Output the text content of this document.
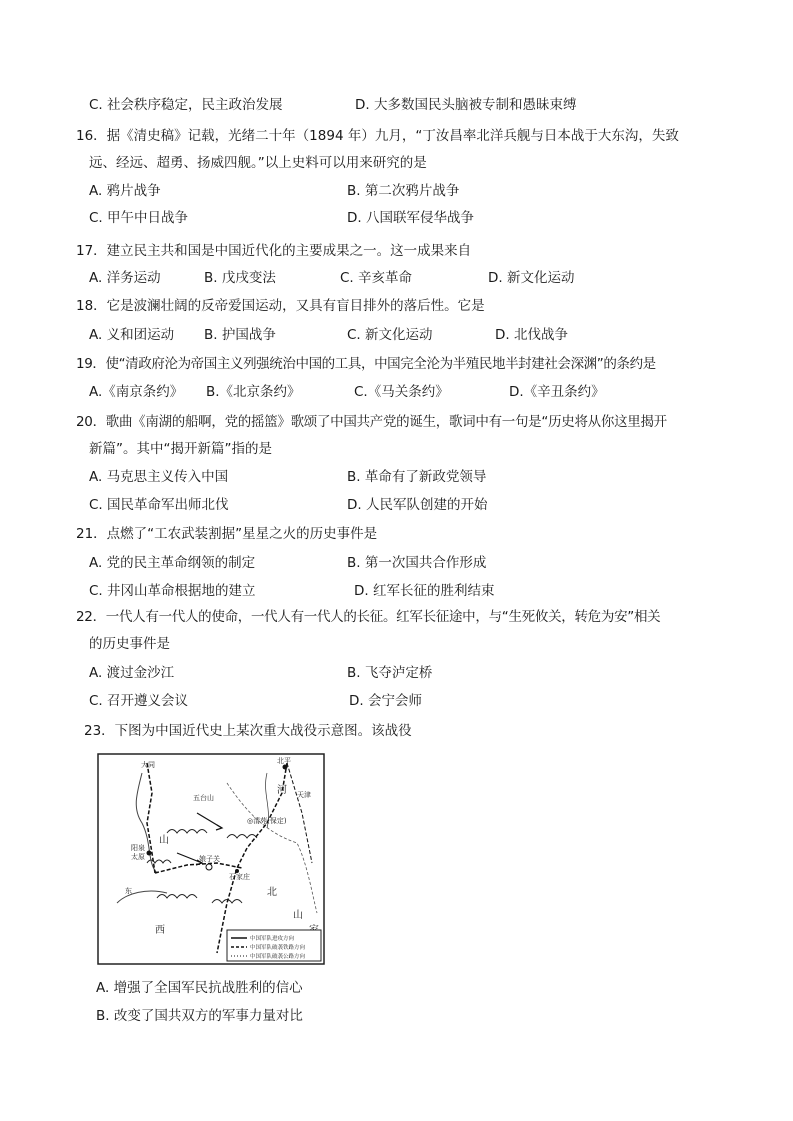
C. 社会秩序稳定，民主政治发展	D. 大多数国民头脑被专制和愚昧束缚
16．据《清史稿》记载，光绪二十年（1894 年）九月，“丁汝昌率北洋兵舰与日本战于大东沟，失致
远、经远、超勇、扬威四舰。”以上史料可以用来研究的是
A. 鸦片战争	B. 第二次鸦片战争
C. 甲午中日战争	D. 八国联军侵华战争
17．建立民主共和国是中国近代化的主要成果之一。这一成果来自
A. 洋务运动	B. 戊戌变法	C. 辛亥革命	D. 新文化运动
18．它是波澜壮阔的反帝爱国运动，又具有盲目排外的落后性。它是
A. 义和团运动 B. 护国战争	C. 新文化运动	D. 北伐战争
19．使“清政府沦为帝国主义列强统治中国的工具，中国完全沦为半殖民地半封建社会深渊”的条约是
A.《南京条约》 B.《北京条约》	C.《马关条约》	D.《辛丑条约》
20．歌曲《南湖的船啊，党的摇篮》歌颂了中国共产党的诞生，歌词中有一句是“历史将从你这里揭开
新篇”。其中“揭开新篇”指的是
A. 马克思主义传入中国	B. 革命有了新政党领导
C. 国民革命军出师北伐	D. 人民军队创建的开始
21．点燃了“工农武装割据”星星之火的历史事件是
A. 党的民主革命纲领的制定	B. 第一次国共合作形成
C. 井冈山革命根据地的建立	D. 红军长征的胜利结束
22．一代人有一代人的使命，一代人有一代人的长征。红军长征途中，与“生死攸关，转危为安”相关
的历史事件是
A. 渡过金沙江	B. 飞夺泸定桥
C. 召开遵义会议	D. 会宁会师
23．下图为中国近代史上某次重大战役示意图。该战役
大同	北平
天津
五台山
◎清苑(保定)
阳泉
太原	娘子关
石家庄
河
北
山
西
东
山
中国军队进攻方向
中国军队破袭铁路方向
中国军队破袭公路方向
A. 增强了全国军民抗战胜利的信心
B. 改变了国共双方的军事力量对比
